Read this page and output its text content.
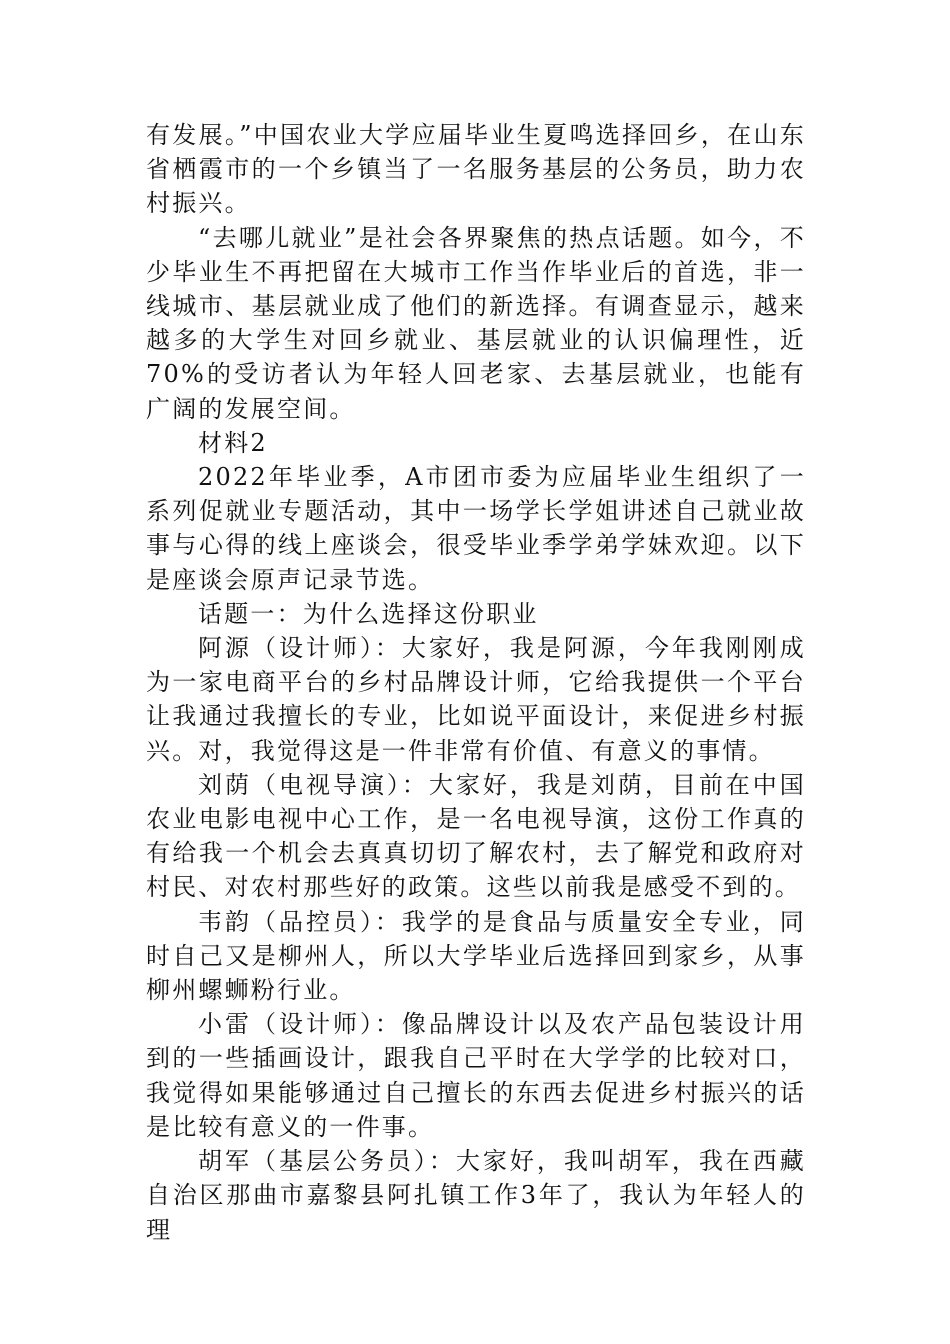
有发展。”中国农业大学应届毕业生夏鸣选择回乡，在山东省栖霞市的一个乡镇当了一名服务基层的公务员，助力农村振兴。

“去哪儿就业”是社会各界聚焦的热点话题。如今，不少毕业生不再把留在大城市工作当作毕业后的首选，非一线城市、基层就业成了他们的新选择。有调查显示，越来越多的大学生对回乡就业、基层就业的认识偏理性，近70%的受访者认为年轻人回老家、去基层就业，也能有广阔的发展空间。

材料2

2022年毕业季，A市团市委为应届毕业生组织了一系列促就业专题活动，其中一场学长学姐讲述自己就业故事与心得的线上座谈会，很受毕业季学弟学妹欢迎。以下是座谈会原声记录节选。

话题一：为什么选择这份职业

阿源（设计师）：大家好，我是阿源，今年我刚刚成为一家电商平台的乡村品牌设计师，它给我提供一个平台让我通过我擅长的专业，比如说平面设计，来促进乡村振兴。对，我觉得这是一件非常有价值、有意义的事情。

刘荫（电视导演）：大家好，我是刘荫，目前在中国农业电影电视中心工作，是一名电视导演，这份工作真的有给我一个机会去真真切切了解农村，去了解党和政府对村民、对农村那些好的政策。这些以前我是感受不到的。

韦韵（品控员）：我学的是食品与质量安全专业，同时自己又是柳州人，所以大学毕业后选择回到家乡，从事柳州螺蛳粉行业。

小雷（设计师）：像品牌设计以及农产品包装设计用到的一些插画设计，跟我自己平时在大学学的比较对口，我觉得如果能够通过自己擅长的东西去促进乡村振兴的话是比较有意义的一件事。

胡军（基层公务员）：大家好，我叫胡军，我在西藏自治区那曲市嘉黎县阿扎镇工作3年了，我认为年轻人的理
